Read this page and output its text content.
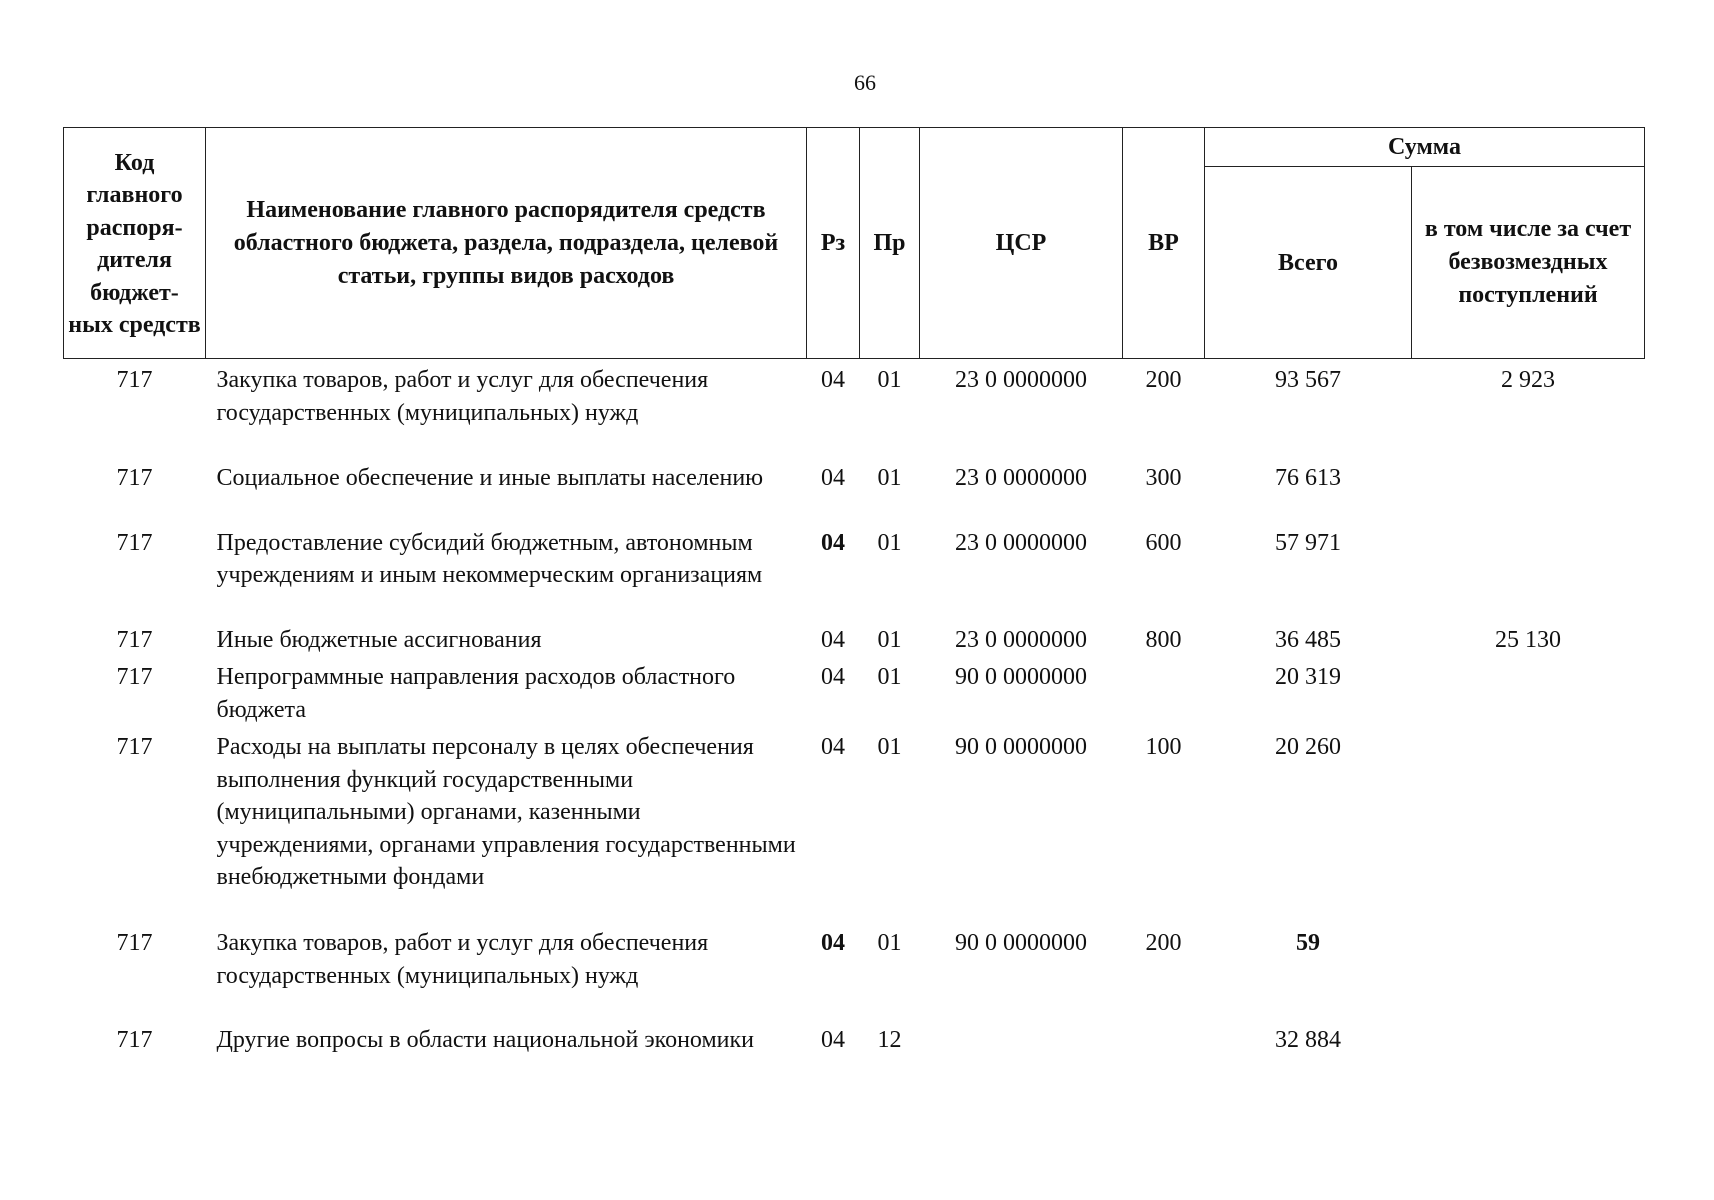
66
Код главного распоря-дителя бюджет-ных средств	Наименование главного распорядителя средств областного бюджета, раздела, подраздела, целевой статьи, группы видов расходов	Рз	Пр	ЦСР	ВР	Сумма	
						Всего	в том числе за счет безвозмездных поступлений
717	Закупка товаров, работ и услуг для обеспечения государственных (муниципальных) нужд	04	01	23 0 0000000	200	93 567	2 923
717	Социальное обеспечение и иные выплаты населению	04	01	23 0 0000000	300	76 613	
717	Предоставление субсидий бюджетным, автономным учреждениям и иным некоммерческим организациям	04	01	23 0 0000000	600	57 971	
717	Иные бюджетные ассигнования	04	01	23 0 0000000	800	36 485	25 130
717	Непрограммные направления расходов областного бюджета	04	01	90 0 0000000		20 319	
717	Расходы на выплаты персоналу в целях обеспечения выполнения функций государственными (муниципальными) органами, казенными учреждениями, органами управления государственными внебюджетными фондами	04	01	90 0 0000000	100	20 260	
717	Закупка товаров, работ и услуг для обеспечения государственных (муниципальных) нужд	04	01	90 0 0000000	200	59	
717	Другие вопросы в области национальной экономики	04	12			32 884	
